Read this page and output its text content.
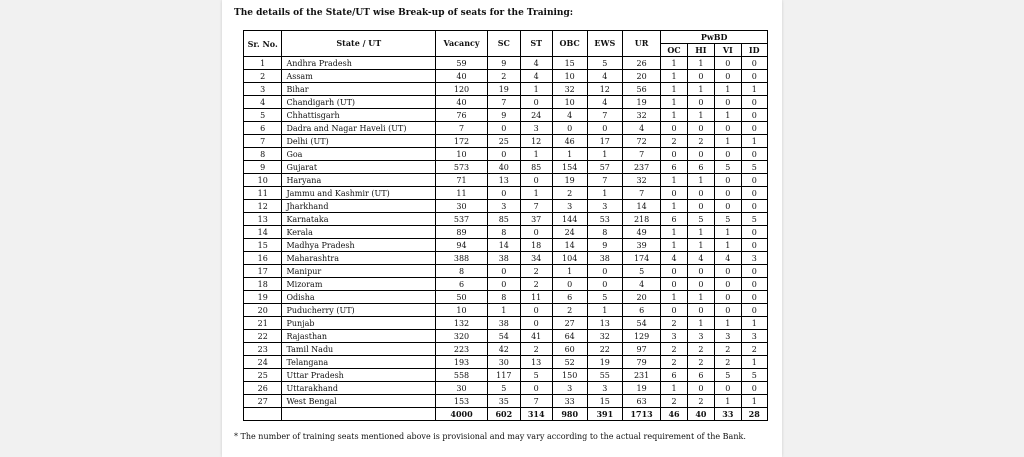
The details of the State/UT wise Break-up of seats for the Training:
Sr. No.	State / UT	Vacancy	SC	ST	OBC	EWS	UR	PwBD			
								OC	HI	VI	ID
1	Andhra Pradesh	59	9	4	15	5	26	1	1	0	0
2	Assam	40	2	4	10	4	20	1	0	0	0
3	Bihar	120	19	1	32	12	56	1	1	1	1
4	Chandigarh (UT)	40	7	0	10	4	19	1	0	0	0
5	Chhattisgarh	76	9	24	4	7	32	1	1	1	0
6	Dadra and Nagar Haveli (UT)	7	0	3	0	0	4	0	0	0	0
7	Delhi (UT)	172	25	12	46	17	72	2	2	1	1
8	Goa	10	0	1	1	1	7	0	0	0	0
9	Gujarat	573	40	85	154	57	237	6	6	5	5
10	Haryana	71	13	0	19	7	32	1	1	0	0
11	Jammu and Kashmir (UT)	11	0	1	2	1	7	0	0	0	0
12	Jharkhand	30	3	7	3	3	14	1	0	0	0
13	Karnataka	537	85	37	144	53	218	6	5	5	5
14	Kerala	89	8	0	24	8	49	1	1	1	0
15	Madhya Pradesh	94	14	18	14	9	39	1	1	1	0
16	Maharashtra	388	38	34	104	38	174	4	4	4	3
17	Manipur	8	0	2	1	0	5	0	0	0	0
18	Mizoram	6	0	2	0	0	4	0	0	0	0
19	Odisha	50	8	11	6	5	20	1	1	0	0
20	Puducherry (UT)	10	1	0	2	1	6	0	0	0	0
21	Punjab	132	38	0	27	13	54	2	1	1	1
22	Rajasthan	320	54	41	64	32	129	3	3	3	3
23	Tamil Nadu	223	42	2	60	22	97	2	2	2	2
24	Telangana	193	30	13	52	19	79	2	2	2	1
25	Uttar Pradesh	558	117	5	150	55	231	6	6	5	5
26	Uttarakhand	30	5	0	3	3	19	1	0	0	0
27	West Bengal	153	35	7	33	15	63	2	2	1	1
		4000	602	314	980	391	1713	46	40	33	28
* The number of training seats mentioned above is provisional and may vary according to the actual requirement of the Bank.
